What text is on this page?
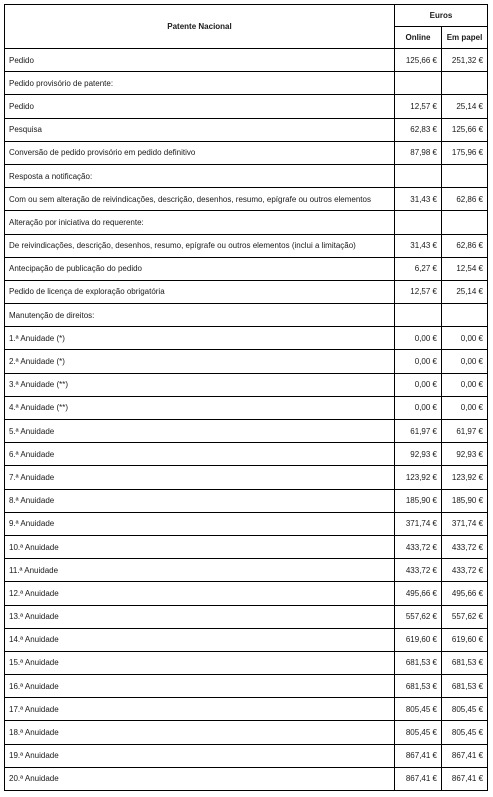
Patente Nacional	Euros	
	Online	Em papel
Pedido	125,66 €	251,32 €
Pedido provisório de patente:		
Pedido	12,57 €	25,14 €
Pesquisa	62,83 €	125,66 €
Conversão de pedido provisório em pedido definitivo	87,98 €	175,96 €
Resposta a notificação:		
Com ou sem alteração de reivindicações, descrição, desenhos, resumo, epígrafe ou outros elementos	31,43 €	62,86 €
Alteração por iniciativa do requerente:		
De reivindicações, descrição, desenhos, resumo, epígrafe ou outros elementos (inclui a limitação)	31,43 €	62,86 €
Antecipação de publicação do pedido	6,27 €	12,54 €
Pedido de licença de exploração obrigatória	12,57 €	25,14 €
Manutenção de direitos:		
1.ª Anuidade (*)	0,00 €	0,00 €
2.ª Anuidade (*)	0,00 €	0,00 €
3.ª Anuidade (**)	0,00 €	0,00 €
4.ª Anuidade (**)	0,00 €	0,00 €
5.ª Anuidade	61,97 €	61,97 €
6.ª Anuidade	92,93 €	92,93 €
7.ª Anuidade	123,92 €	123,92 €
8.ª Anuidade	185,90 €	185,90 €
9.ª Anuidade	371,74 €	371,74 €
10.ª Anuidade	433,72 €	433,72 €
11.ª Anuidade	433,72 €	433,72 €
12.ª Anuidade	495,66 €	495,66 €
13.ª Anuidade	557,62 €	557,62 €
14.ª Anuidade	619,60 €	619,60 €
15.ª Anuidade	681,53 €	681,53 €
16.ª Anuidade	681,53 €	681,53 €
17.ª Anuidade	805,45 €	805,45 €
18.ª Anuidade	805,45 €	805,45 €
19.ª Anuidade	867,41 €	867,41 €
20.ª Anuidade	867,41 €	867,41 €
